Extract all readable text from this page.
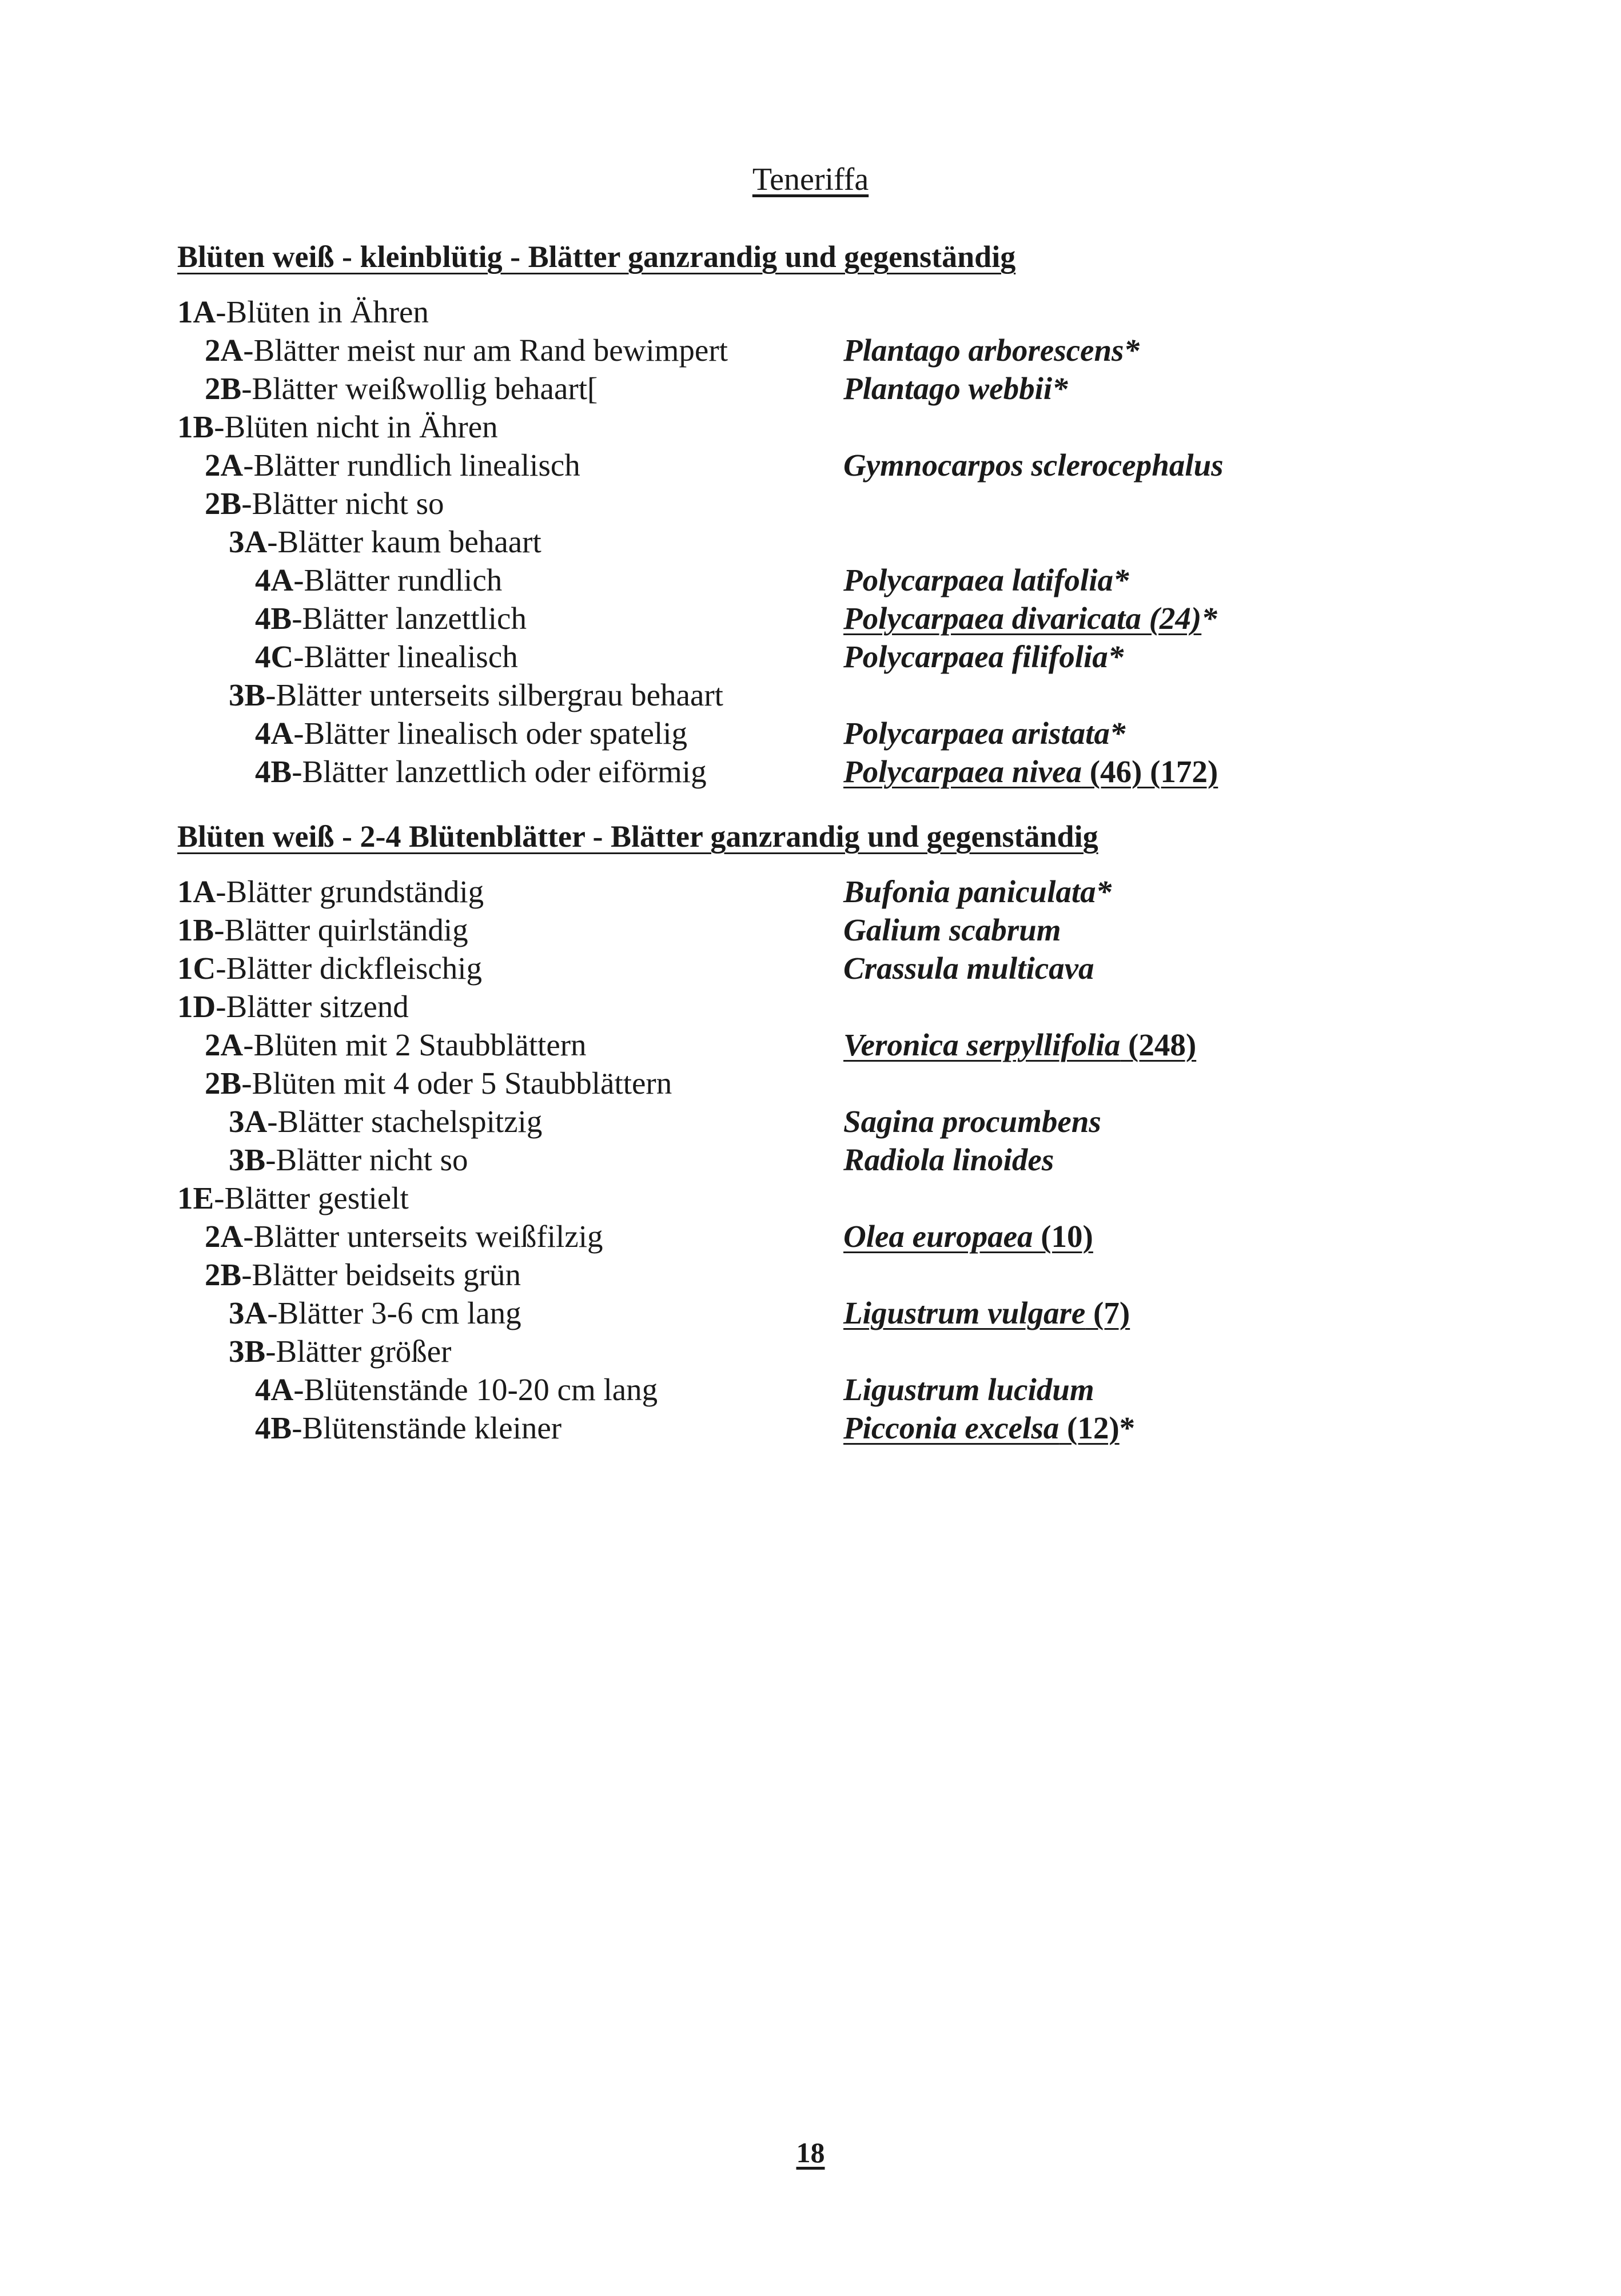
Teneriffa
Blüten weiß - kleinblütig - Blätter ganzrandig und gegenständig
1A-Blüten in Ähren
2A-Blätter meist nur am Rand bewimpert	Plantago arborescens*
2B-Blätter weißwollig behaart[	Plantago webbii*
1B-Blüten nicht in Ähren
2A-Blätter rundlich linealisch	Gymnocarpos sclerocephalus
2B-Blätter nicht so
3A-Blätter kaum behaart
4A-Blätter rundlich	Polycarpaea latifolia*
4B-Blätter lanzettlich	Polycarpaea divaricata (24)*
4C-Blätter linealisch	Polycarpaea filifolia*
3B-Blätter unterseits silbergrau behaart
4A-Blätter linealisch oder spatelig	Polycarpaea aristata*
4B-Blätter lanzettlich oder eiförmig	Polycarpaea nivea (46) (172)
Blüten weiß - 2-4 Blütenblätter - Blätter ganzrandig und gegenständig
1A-Blätter grundständig	Bufonia paniculata*
1B-Blätter quirlständig	Galium scabrum
1C-Blätter dickfleischig	Crassula multicava
1D-Blätter sitzend
2A-Blüten mit 2 Staubblättern	Veronica serpyllifolia (248)
2B-Blüten mit 4 oder 5 Staubblättern
3A-Blätter stachelspitzig	Sagina procumbens
3B-Blätter nicht so	Radiola linoides
1E-Blätter gestielt
2A-Blätter unterseits weißfilzig	Olea europaea (10)
2B-Blätter beidseits grün
3A-Blätter 3-6 cm lang	Ligustrum vulgare (7)
3B-Blätter größer
4A-Blütenstände 10-20 cm lang	Ligustrum lucidum
4B-Blütenstände kleiner	Picconia excelsa (12)*
18
